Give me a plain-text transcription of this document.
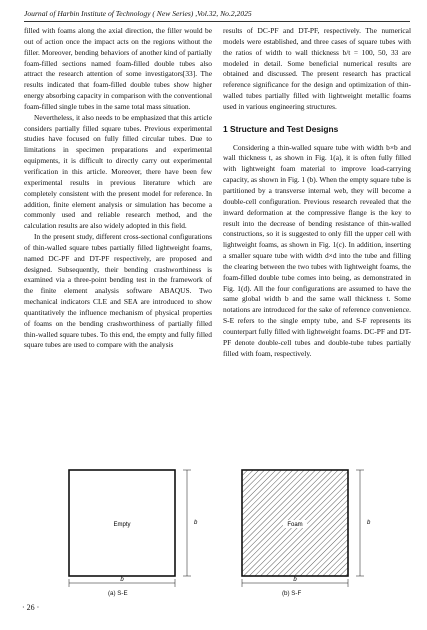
Journal of Harbin Institute of Technology ( New Series) ,Vol.32, No.2,2025

filled with foams along the axial direction, the filler would be out of action once the impact acts on the regions without the filler. Moreover, bending behaviors of another kind of partially foam-filled sections named foam-filled double tubes also attract the research attention of some investigators[33]. The results indicated that foam-filled double tubes show higher energy absorbing capacity in comparison with the conventional foam-filled single tubes in the same total mass situation.

Nevertheless, it also needs to be emphasized that this article considers partially filled square tubes. Previous experimental studies have focused on fully filled circular tubes. Due to limitations in specimen preparations and experimental equipments, it is difficult to directly carry out experimental verification in this article. Moreover, there have been few experimental results in previous literature which are completely consistent with the present model for reference. In addition, finite element analysis or simulation has become a commonly used and reliable research method, and the calculation results are also widely adopted in this field.

In the present study, different cross-sectional configurations of thin-walled square tubes partially filled lightweight foams, named DC-PF and DT-PF respectively, are proposed and designed. Subsequently, their bending crashworthiness is examined via a three-point bending test in the framework of the finite element analysis software ABAQUS. Two mechanical indicators CLE and SEA are introduced to show quantitatively the influence mechanism of physical properties of foams on the bending crashworthiness of partially filled thin-walled square tubes. To this end, the empty and fully filled square tubes are used to compare with the analysis

results of DC-PF and DT-PF, respectively. The numerical models were established, and three cases of square tubes with the ratios of width to wall thickness b/t = 100, 50, 33 are modeled in detail. Some beneficial numerical results are obtained and discussed. The present research has practical reference significance for the design and optimization of thin-walled tubes partially filled with lightweight metallic foams used in various engineering structures.

1 Structure and Test Designs

Considering a thin-walled square tube with width b×b and wall thickness t, as shown in Fig. 1(a), it is often fully filled with lightweight foam material to improve load-carrying capacity, as shown in Fig. 1 (b). When the empty square tube is partitioned by a transverse internal web, they will become a double-cell configuration. Previous research revealed that the inward deformation at the compressive flange is the key to result into the decrease of bending resistance of thin-walled constructions, so it is suggested to only fill the upper cell with lightweight foams, as shown in Fig. 1(c). In addition, inserting a smaller square tube with width d×d into the tube and filling the clearing between the two tubes with lightweight foams, the foam-filled double tube comes into being, as demonstrated in Fig. 1(d). All the four configurations are assumed to have the same global width b and the same wall thickness t. Some notations are introduced for the sake of reference convenience. S-E refers to the single empty tube, and S-F represents its counterpart fully filled with lightweight foams. DC-PF and DT-PF denote double-cell tubes and double-tube tubes partially filled with foam, respectively.

Empty	b
b
(a) S-E
Foam	b
b
(b) S-F
· 26 ·
